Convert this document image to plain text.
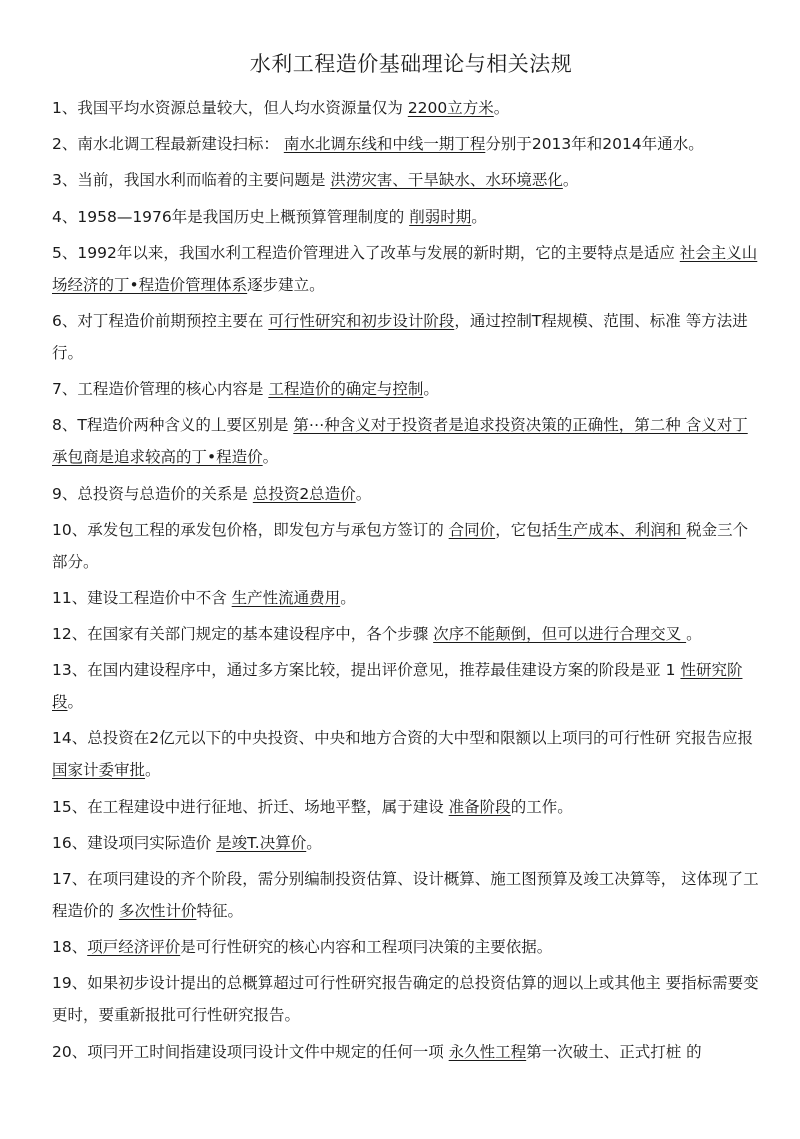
水利工程造价基础理论与相关法规
1、我国平均水资源总量较大，但人均水资源量仅为 2200立方米。
2、南水北调工程最新建设扫标： 南水北调东线和中线一期丁程分别于2013年和2014年通水。
3、当前，我国水利而临着的主要问题是 洪涝灾害、干旱缺水、水环境恶化。
4、1958—1976年是我国历史上概预算管理制度的 削弱时期。
5、1992年以来，我国水利工程造价管理进入了改革与发展的新时期，它的主要特点是适应 社会主义山场经济的丁•程造价管理体系逐步建立。
6、对丁程造价前期预控主要在 可行性研究和初步设计阶段，通过控制T程规模、范围、标准 等方法进行。
7、工程造价管理的核心内容是 工程造价的确定与控制。
8、T程造价两种含义的丄要区别是 第⋯种含义对于投资者是追求投资决策的正确性，第二种 含义对丁承包商是追求较高的丁•程造价。
9、总投资与总造价的关系是 总投资2总造价。
10、承发包工程的承发包价格，即发包方与承包方签订的 合同价，它包括生产成本、利润和 税金三个部分。
11、建设工程造价中不含 生产性流通费用。
12、在国家有关部门规定的基本建设程序中，各个步骤 次序不能颠倒，但可以进行合理交叉 。
13、在国内建设程序中，通过多方案比较，提出评价意见，推荐最佳建设方案的阶段是亚 1 性研究阶段。
14、总投资在2亿元以下的中央投资、中央和地方合资的大中型和限额以上项冃的可行性研 究报告应报国家计委审批。
15、在工程建设中进行征地、折迁、场地平整，属于建设 准备阶段的工作。
16、建设项冃实际造价 是竣T.决算价。
17、在项冃建设的齐个阶段，需分别编制投资估算、设计概算、施工图预算及竣工决算等， 这体现了工程造价的 多次性计价特征。
18、项戸经济评价是可行性研究的核心内容和工程项冃决策的主要依据。
19、如果初步设计提出的总概算超过可行性研究报告确定的总投资估算的迥以上或其他主 要指标需要变更时，要重新报批可行性研究报告。
20、项冃开工时间指建设项冃设计文件中规定的任何一项 永久性工程第一次破土、正式打桩 的
